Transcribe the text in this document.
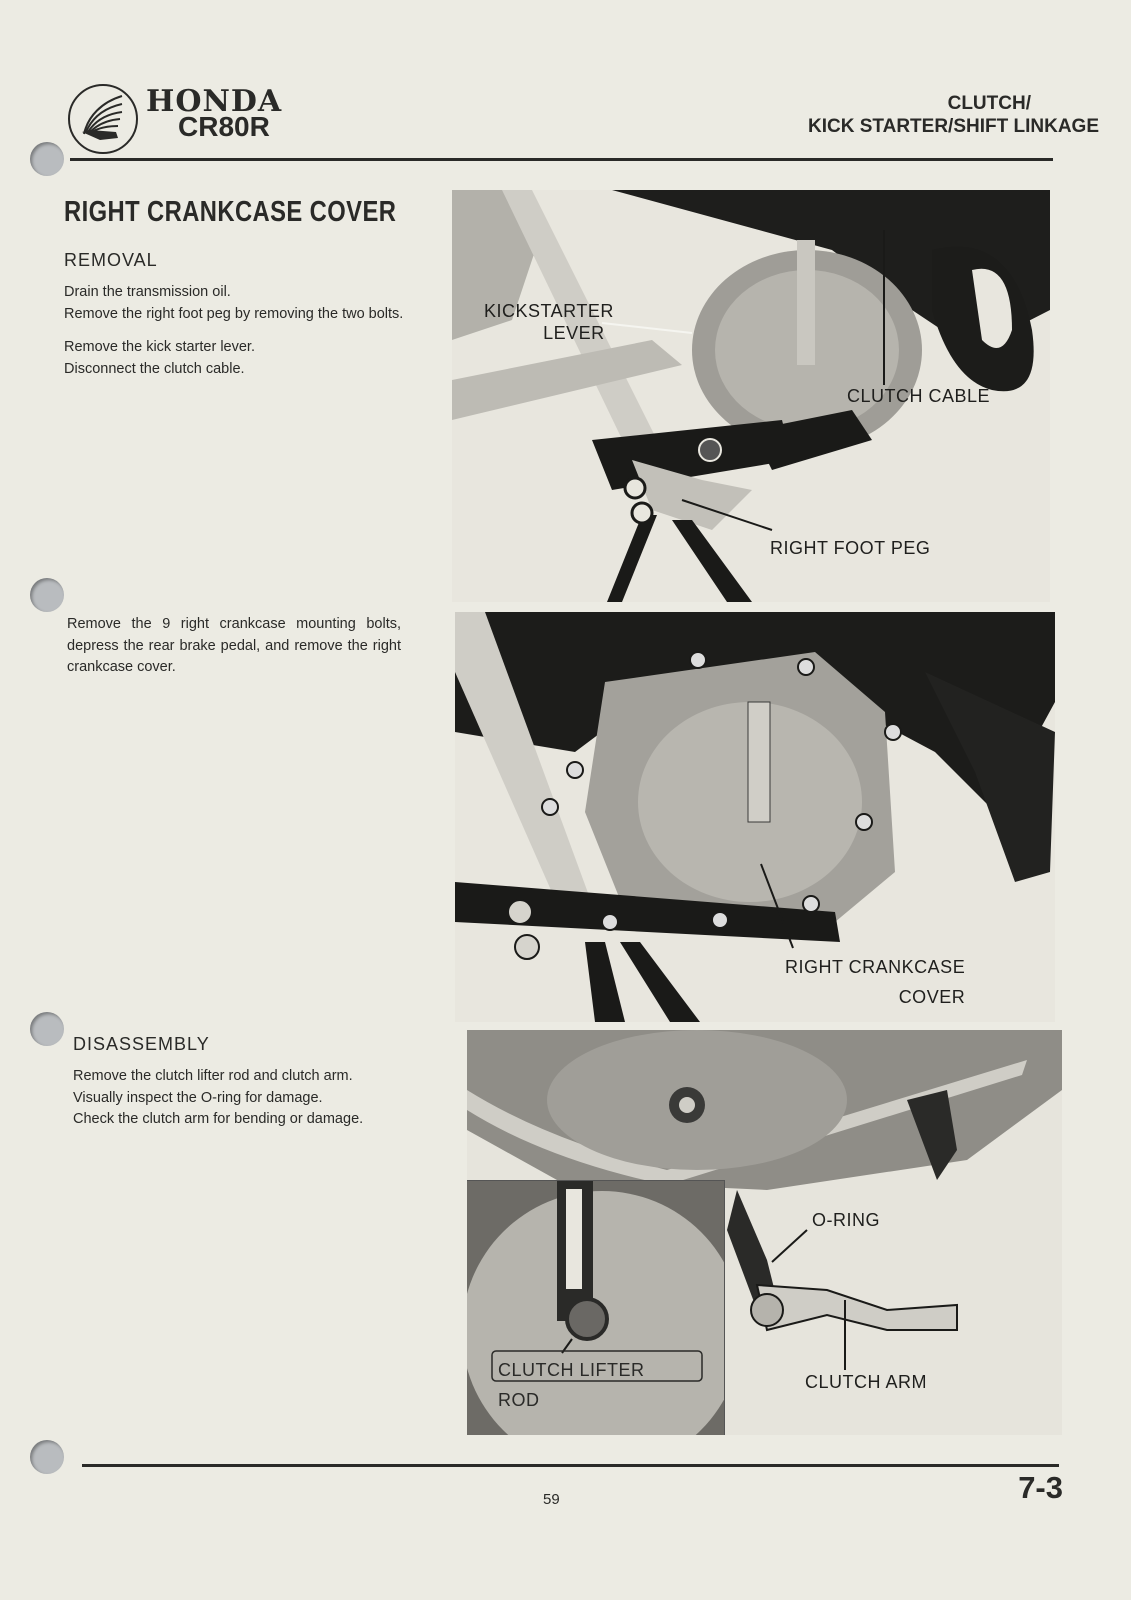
HONDA
CR80R
CLUTCH/
KICK STARTER/SHIFT LINKAGE
RIGHT CRANKCASE COVER
REMOVAL

Drain the transmission oil.
Remove the right foot peg by removing the two bolts.

Remove the kick starter lever.
Disconnect the clutch cable.

Remove the 9 right crankcase mounting bolts, depress the rear brake pedal, and remove the right crankcase cover.
DISASSEMBLY
Remove the clutch lifter rod and clutch arm.
Visually inspect the O-ring for damage.
Check the clutch arm for bending or damage.
KICKSTARTER
LEVER
CLUTCH CABLE
RIGHT FOOT PEG
RIGHT CRANKCASE
COVER
O-RING
CLUTCH ARM
CLUTCH LIFTER
ROD
59	7-3
